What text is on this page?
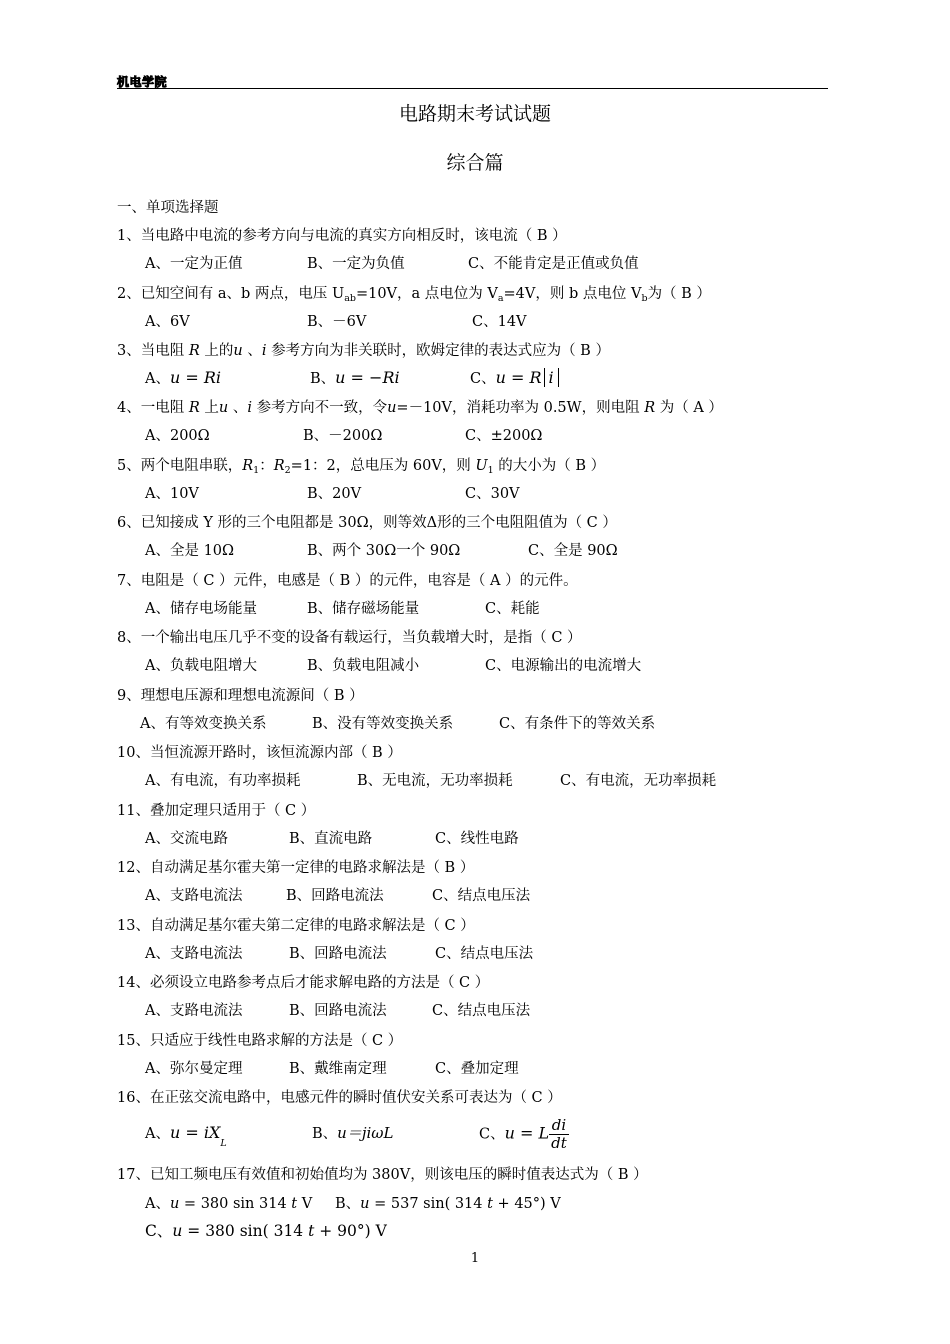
机电学院
电路期末考试试题
综合篇
一、单项选择题
1、当电路中电流的参考方向与电流的真实方向相反时，该电流（ B ）
A、一定为正值	B、一定为负值	C、不能肯定是正值或负值
2、已知空间有 a、b 两点，电压 $U_{ab}=10V$，a 点电位为 $V_a=4V$，则 b 点电位 $V_b$为（ B ）
A、6V	B、－6V	C、14V
3、当电阻 R 上的u 、i 参考方向为非关联时，欧姆定律的表达式应为（ B ）
A、u = Ri	B、u = −Ri	C、u = R i
4、一电阻 R 上u 、i 参考方向不一致，令u=－10V，消耗功率为 0.5W，则电阻 R 为（ A ）
A、200Ω	B、－200Ω	C、±200Ω
5、两个电阻串联，$R_1$：$R_2=1$：2，总电压为 60V，则 $U_1$ 的大小为（ B ）
A、10V	B、20V	C、30V
6、已知接成 Y 形的三个电阻都是 30Ω，则等效Δ形的三个电阻阻值为（ C ）
A、全是 10Ω	B、两个 30Ω一个 90Ω	C、全是 90Ω
7、电阻是（ C ）元件，电感是（ B ）的元件，电容是（ A ）的元件。
A、储存电场能量	B、储存磁场能量	C、耗能
8、一个输出电压几乎不变的设备有载运行，当负载增大时，是指（ C ）
A、负载电阻增大	B、负载电阻减小	C、电源输出的电流增大
9、理想电压源和理想电流源间（ B ）
A、有等效变换关系	B、没有等效变换关系	C、有条件下的等效关系
10、当恒流源开路时，该恒流源内部（ B ）
A、有电流，有功率损耗	B、无电流，无功率损耗	C、有电流，无功率损耗
11、叠加定理只适用于（ C ）
A、交流电路	B、直流电路	C、线性电路
12、自动满足基尔霍夫第一定律的电路求解法是（ B ）
A、支路电流法	B、回路电流法	C、结点电压法
13、自动满足基尔霍夫第二定律的电路求解法是（ C ）
A、支路电流法	B、回路电流法	C、结点电压法
14、必须设立电路参考点后才能求解电路的方法是（ C ）
A、支路电流法	B、回路电流法	C、结点电压法
15、只适应于线性电路求解的方法是（ C ）
A、弥尔曼定理	B、戴维南定理	C、叠加定理
16、在正弦交流电路中，电感元件的瞬时值伏安关系可表达为（ C ）
A、$u = iX_L$
B、u＝jiωL	C、u = L $\frac{di}{dt}$
17、已知工频电压有效值和初始值均为 380V，则该电压的瞬时值表达式为（ B ）
A、u = 380 sin 314 t V B、u = 537 sin( 314 t + 45°) V
C、u = 380 sin( 314 t + 90°) V
1
